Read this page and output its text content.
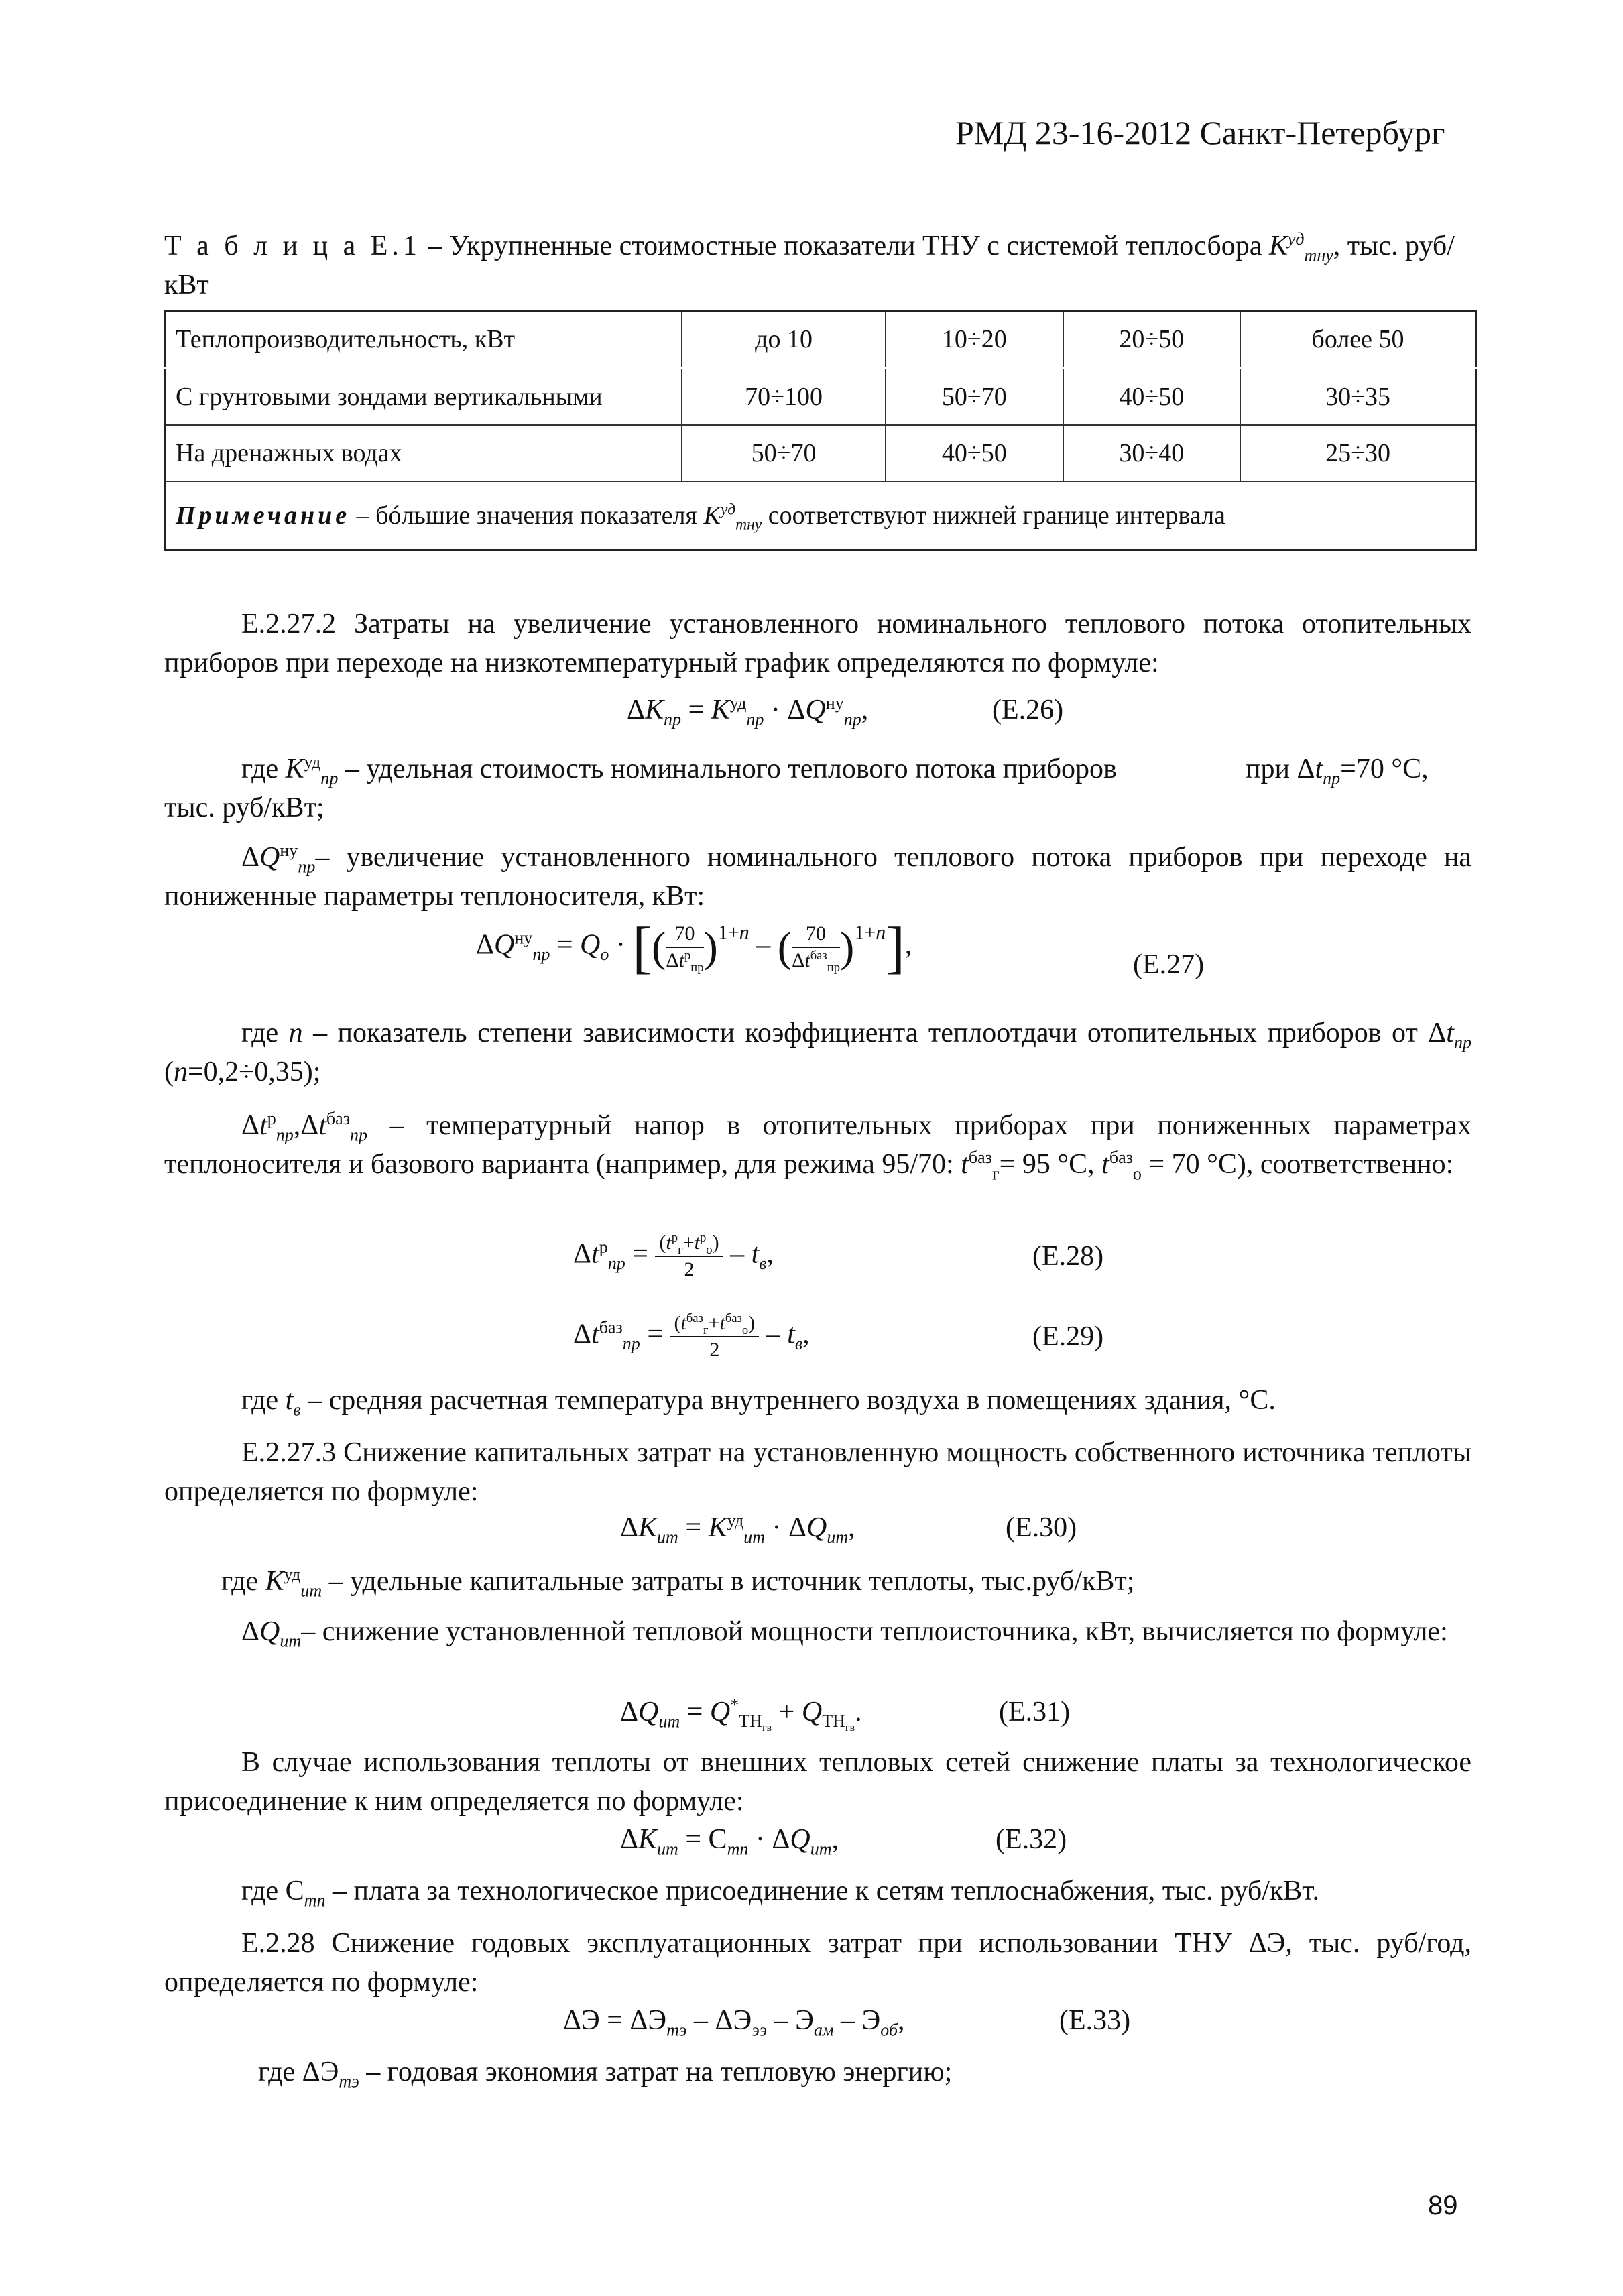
РМД 23-16-2012 Санкт-Петербург
Т а б л и ц а Е.1 – Укрупненные стоимостные показатели ТНУ с системой теплосбора $K^{уд}_{тну}$, тыс. руб/кВт
Теплопроизводительность, кВт	до 10	10÷20	20÷50	более 50
С грунтовыми зондами вертикальными	70÷100	50÷70	40÷50	30÷35
На дренажных водах	50÷70	40÷50	30÷40	25÷30
Примечание – бóльшие значения показателя $K^{уд}_{тну}$ соответствуют нижней границе интервала				
Е.2.27.2 Затраты на увеличение установленного номинального теплового потока отопительных приборов при переходе на низкотемпературный график определяются по формуле:
$\Delta K_{пр} = K^{уд}_{пр} \cdot \Delta Q^{ну}_{пр}$,	(Е.26)
где $K^{уд}_{пр}$ – удельная стоимость номинального теплового потока приборов	при $\Delta t_{пр}=70$ °С,
тыс. руб/кВт;
$\Delta Q^{ну}_{пр}-$ увеличение установленного номинального теплового потока приборов при переходе на пониженные параметры теплоносителя, кВт:
$\Delta Q^{ну}_{пр} = Q_o$ · [( $\frac{70}{\Delta t^р_{пр}} )^{1+n}$ – ( $\frac{70}{\Delta t^{баз}_{пр}} )^{1+n}$],
(Е.27)
где n – показатель степени зависимости коэффициента теплоотдачи отопительных приборов от $\Delta t_{пр}$ (n=0,2÷0,35);
$\Delta t^р_{пр},\Delta t^{баз}_{пр}$ – температурный напор в отопительных приборах при пониженных параметрах теплоносителя и базового варианта (например, для режима 95/70: $t^{баз}_г= 95$ °С, $t^{баз}_о = 70$ °С), соответственно:
$\Delta t^р_{пр} = \frac{(t^р_г+t^р_о)}{2} - t_в$,	(Е.28)
$\Delta t^{баз}_{пр} = \frac{(t^{баз}_г+t^{баз}_о)}{2} - t_в$,	(Е.29)
где $t_в$ – средняя расчетная температура внутреннего воздуха в помещениях здания, °С.
Е.2.27.3 Снижение капитальных затрат на установленную мощность собственного источника теплоты определяется по формуле:
$\Delta K_{ит} = K^{уд}_{ит} \cdot \Delta Q_{ит}$,	(Е.30)
где $K^{уд}_{ит}$ – удельные капитальные затраты в источник теплоты, тыс.руб/кВт;
$\Delta Q_{ит}-$ снижение установленной тепловой мощности теплоисточника, кВт, вычисляется по формуле:
$\Delta Q_{ит} = Q^*_{ТН_{гв}} + Q_{ТН_{гв}}$.	(Е.31)
В случае использования теплоты от внешних тепловых сетей снижение платы за технологическое присоединение к ним определяется по формуле:
$\Delta K_{ит} = С_{тп} \cdot \Delta Q_{ит}$,	(Е.32)
где $С_{тп}$ – плата за технологическое присоединение к сетям теплоснабжения, тыс. руб/кВт.
Е.2.28 Снижение годовых эксплуатационных затрат при использовании ТНУ ΔЭ, тыс. руб/год, определяется по формуле:
$\Delta Э = \Delta Э_{тэ} - \Delta Э_{ээ} - Э_{ам} - Э_{об}$,	(Е.33)
где $\Delta Э_{тэ}$ – годовая экономия затрат на тепловую энергию;
89
